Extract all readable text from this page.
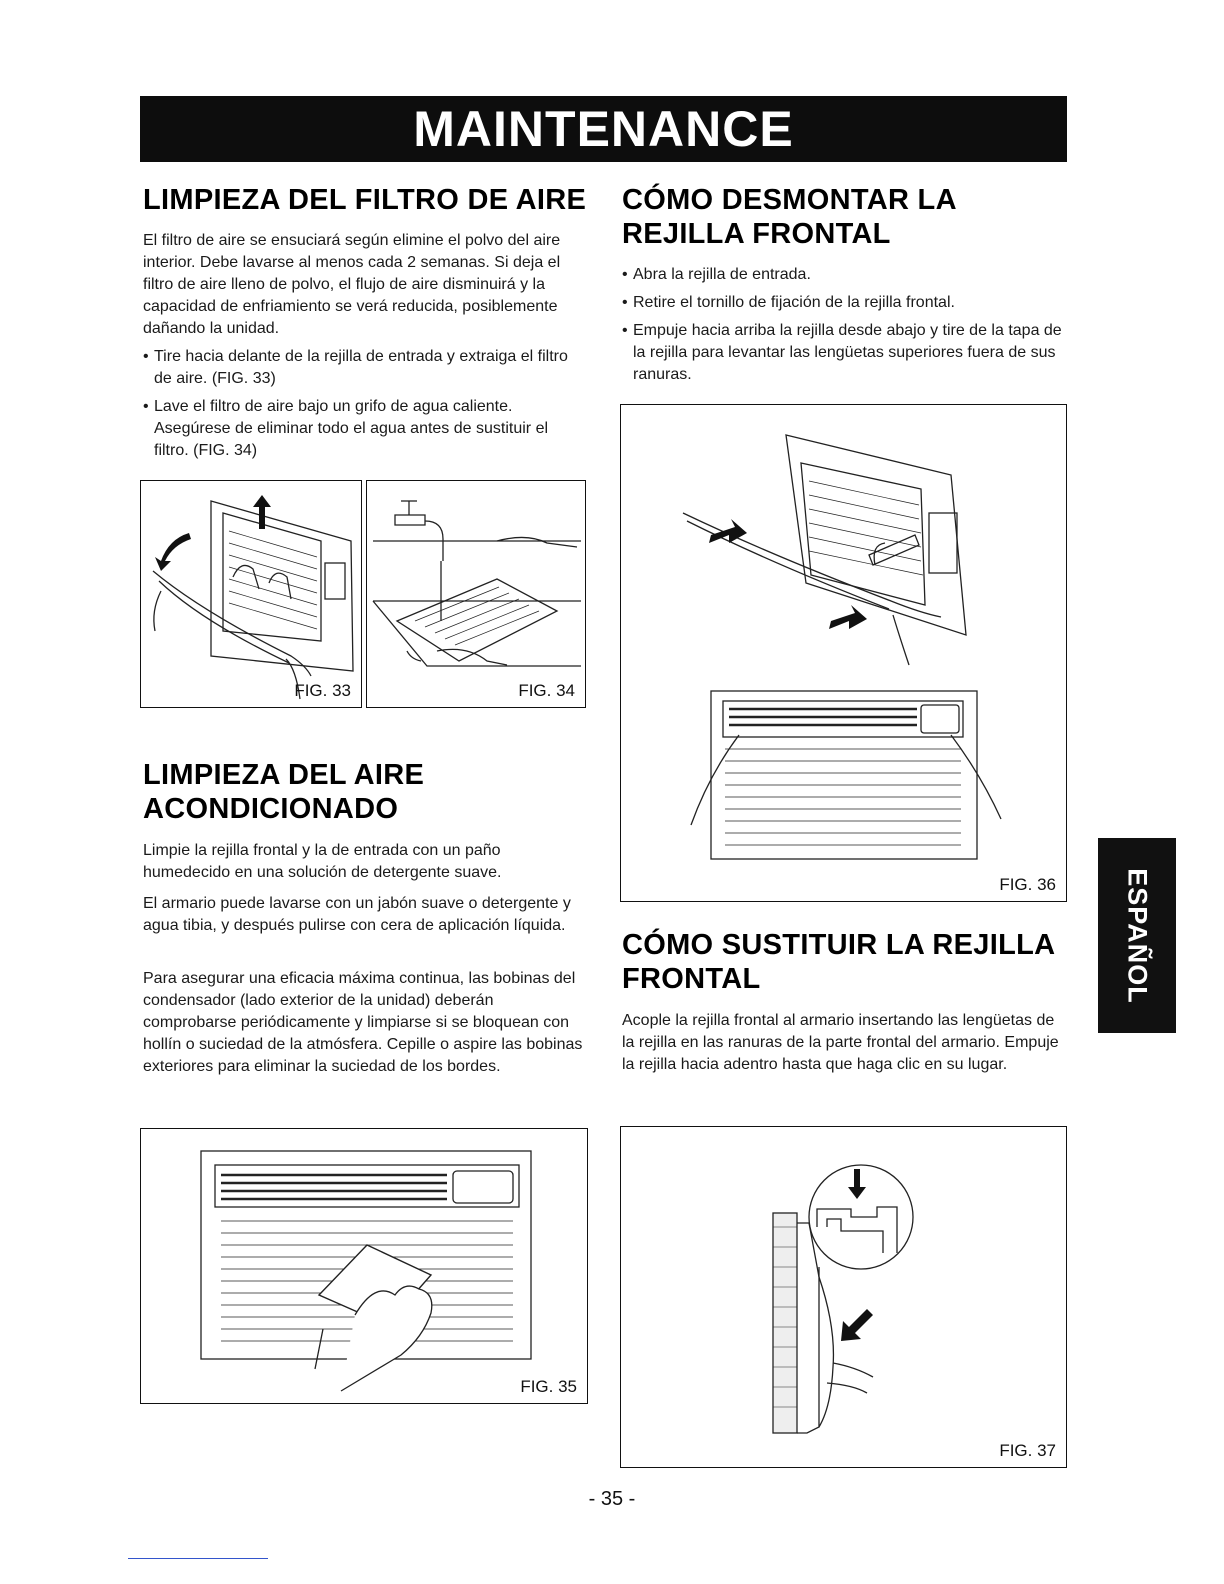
MAINTENANCE
LIMPIEZA DEL FILTRO DE AIRE

El filtro de aire se ensuciará según elimine el polvo del aire interior. Debe lavarse al menos cada 2 semanas. Si deja el filtro de aire lleno de polvo, el flujo de aire disminuirá y la capacidad de enfriamiento se verá reducida, posiblemente dañando la unidad.

• Tire hacia delante de la rejilla de entrada y extraiga el filtro de aire. (FIG. 33)
• Lave el filtro de aire bajo un grifo de agua caliente. Asegúrese de eliminar todo el agua antes de sustituir el filtro. (FIG. 34)
FIG. 33	FIG. 34
LIMPIEZA DEL AIRE
ACONDICIONADO

Limpie la rejilla frontal y la de entrada con un paño humedecido en una solución de detergente suave.

El armario puede lavarse con un jabón suave o detergente y agua tibia, y después pulirse con cera de aplicación líquida.

Para asegurar una eficacia máxima continua, las bobinas del condensador (lado exterior de la unidad) deberán comprobarse periódicamente y limpiarse si se bloquean con hollín o suciedad de la atmósfera. Cepille o aspire las bobinas exteriores para eliminar la suciedad de los bordes.

FIG. 35
CÓMO DESMONTAR LA
REJILLA FRONTAL
• Abra la rejilla de entrada.
• Retire el tornillo de fijación de la rejilla frontal.
• Empuje hacia arriba la rejilla desde abajo y tire de la tapa de la rejilla para levantar las lengüetas superiores fuera de sus ranuras.
FIG. 36
CÓMO SUSTITUIR LA REJILLA
FRONTAL

Acople la rejilla frontal al armario insertando las lengüetas de la rejilla en las ranuras de la parte frontal del armario. Empuje la rejilla hacia adentro hasta que haga clic en su lugar.

FIG. 37
ESPAÑOL
- 35 -
